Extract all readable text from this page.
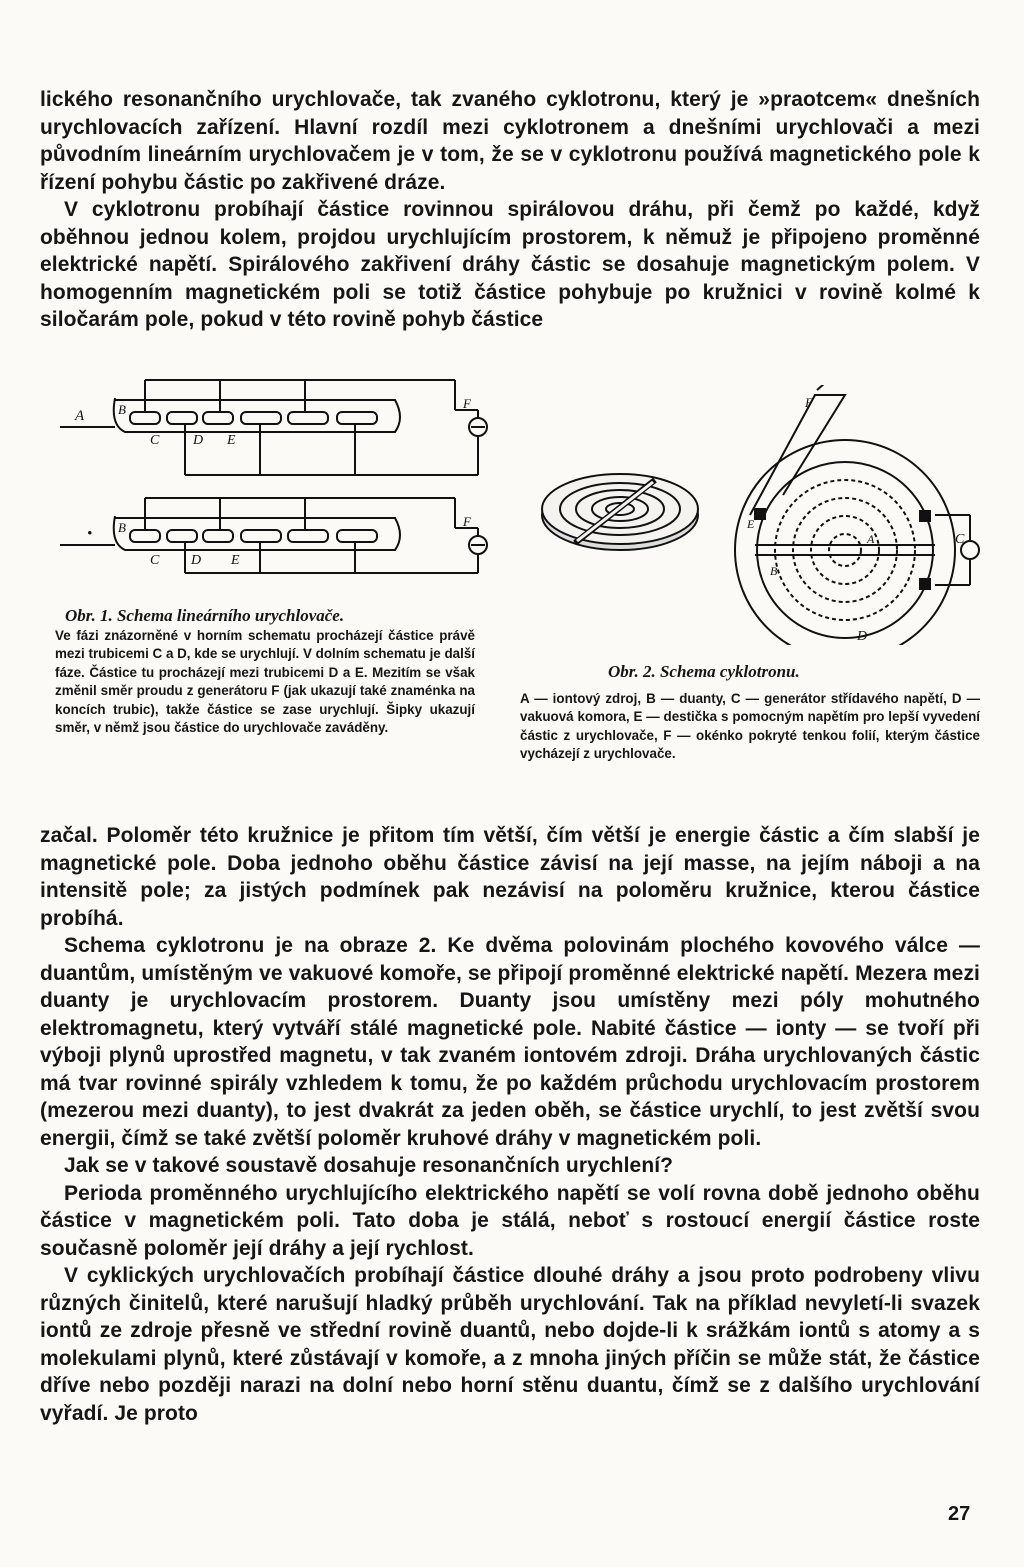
lického resonančního urychlovače, tak zvaného cyklotronu, který je »praotcem« dnešních urychlovacích zařízení. Hlavní rozdíl mezi cyklotronem a dnešními urychlovači a mezi původním lineárním urychlovačem je v tom, že se v cyklotronu používá magnetického pole k řízení pohybu částic po zakřivené dráze.

V cyklotronu probíhají částice rovinnou spirálovou dráhu, při čemž po každé, když oběhnou jednou kolem, projdou urychlujícím prostorem, k němuž je připojeno proměnné elektrické napětí. Spirálového zakřivení dráhy částic se dosahuje magnetickým polem. V homogenním magnetickém poli se totiž částice pohybuje po kružnici v rovině kolmé k siločarám pole, pokud v této rovině pohyb částice

A	B
C D E
F
• B
C D E
F
A
B
C
D
E
F
Obr. 1. Schema lineárního urychlovače.
Ve fázi znázorněné v horním schematu procházejí částice právě mezi trubicemi C a D, kde se urychlují. V dolním schematu je další fáze. Částice tu procházejí mezi trubicemi D a E. Mezitím se však změnil směr proudu z generátoru F (jak ukazují také znaménka na koncích trubic), takže částice se zase urychlují. Šipky ukazují směr, v němž jsou částice do urychlovače zaváděny.
Obr. 2. Schema cyklotronu.
A — iontový zdroj, B — duanty, C — generátor střídavého napětí, D — vakuová komora, E — destička s pomocným napětím pro lepší vyvedení částic z urychlovače, F — okénko pokryté tenkou folií, kterým částice vycházejí z urychlovače.

začal. Poloměr této kružnice je přitom tím větší, čím větší je energie částic a čím slabší je magnetické pole. Doba jednoho oběhu částice závisí na její masse, na jejím náboji a na intensitě pole; za jistých podmínek pak nezávisí na poloměru kružnice, kterou částice probíhá.

Schema cyklotronu je na obraze 2. Ke dvěma polovinám plochého kovového válce — duantům, umístěným ve vakuové komoře, se připojí proměnné elektrické napětí. Mezera mezi duanty je urychlovacím prostorem. Duanty jsou umístěny mezi póly mohutného elektromagnetu, který vytváří stálé magnetické pole. Nabité částice — ionty — se tvoří při výboji plynů uprostřed magnetu, v tak zvaném iontovém zdroji. Dráha urychlovaných částic má tvar rovinné spirály vzhledem k tomu, že po každém průchodu urychlovacím prostorem (mezerou mezi duanty), to jest dvakrát za jeden oběh, se částice urychlí, to jest zvětší svou energii, čímž se také zvětší poloměr kruhové dráhy v magnetickém poli.

Jak se v takové soustavě dosahuje resonančních urychlení?

Perioda proměnného urychlujícího elektrického napětí se volí rovna době jednoho oběhu částice v magnetickém poli. Tato doba je stálá, neboť s rostoucí energií částice roste současně poloměr její dráhy a její rychlost.

V cyklických urychlovačích probíhají částice dlouhé dráhy a jsou proto podrobeny vlivu různých činitelů, které narušují hladký průběh urychlování. Tak na příklad nevyletí-li svazek iontů ze zdroje přesně ve střední rovině duantů, nebo dojde-li k srážkám iontů s atomy a s molekulami plynů, které zůstávají v komoře, a z mnoha jiných příčin se může stát, že částice dříve nebo později narazi na dolní nebo horní stěnu duantu, čímž se z dalšího urychlování vyřadí. Je proto

27
